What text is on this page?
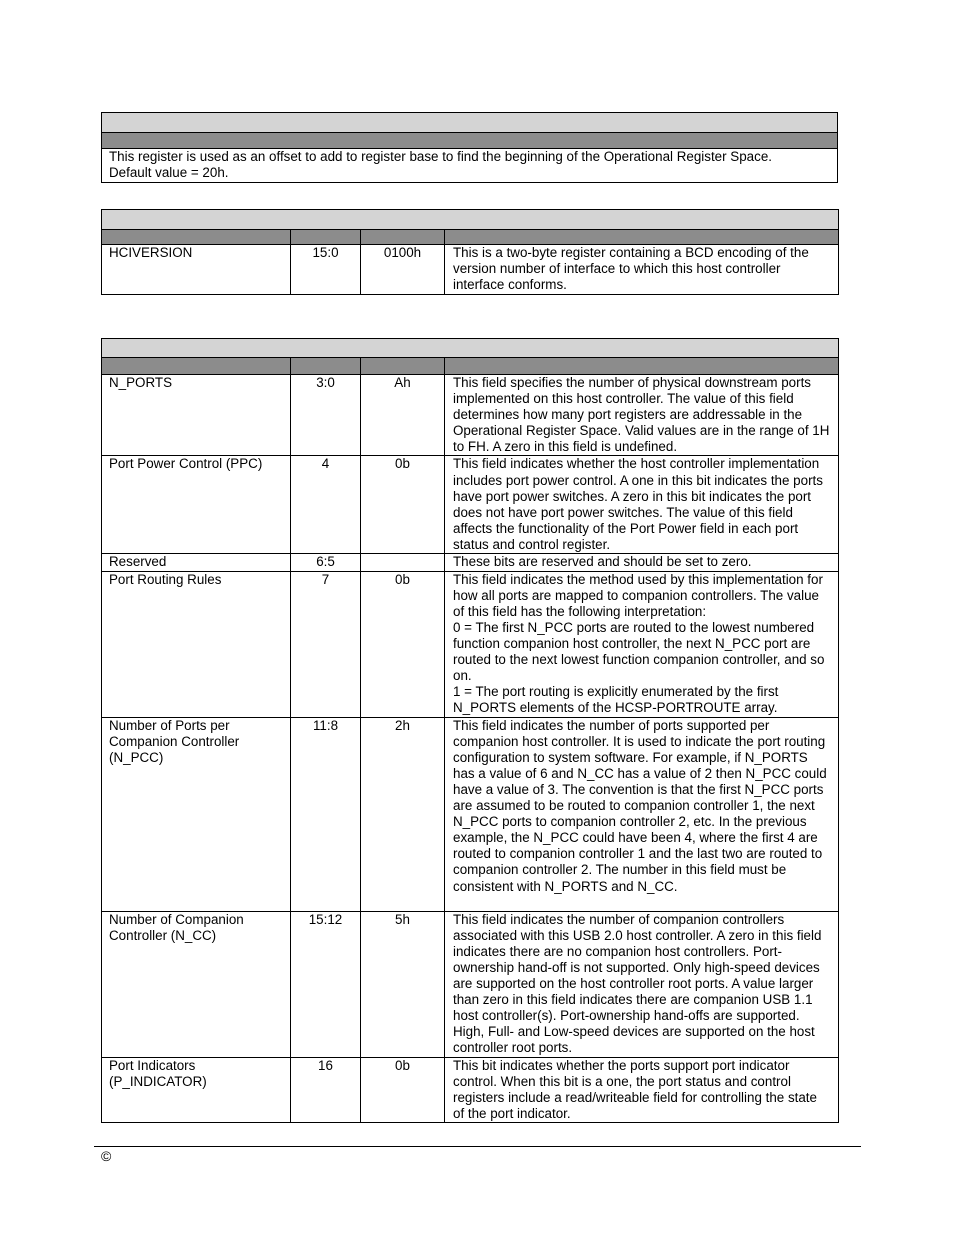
This register is used as an offset to add to register base to find the beginning of the Operational Register Space.
Default value = 20h.

HCIVERSION	15:0	0100h	This is a two-byte register containing a BCD encoding of the version number of interface to which this host controller interface conforms.

N_PORTS	3:0	Ah	This field specifies the number of physical downstream ports implemented on this host controller. The value of this field determines how many port registers are addressable in the Operational Register Space. Valid values are in the range of 1H to FH. A zero in this field is undefined.
Port Power Control (PPC)	4	0b	This field indicates whether the host controller implementation includes port power control. A one in this bit indicates the ports have port power switches. A zero in this bit indicates the port does not have port power switches. The value of this field affects the functionality of the Port Power field in each port status and control register.
Reserved	6:5		These bits are reserved and should be set to zero.
Port Routing Rules	7	0b	This field indicates the method used by this implementation for how all ports are mapped to companion controllers. The value of this field has the following interpretation:
0 = The first N_PCC ports are routed to the lowest numbered function companion host controller, the next N_PCC port are routed to the next lowest function companion controller, and so on.
1 = The port routing is explicitly enumerated by the first N_PORTS elements of the HCSP-PORTROUTE array.
Number of Ports per Companion Controller (N_PCC)	11:8	2h	This field indicates the number of ports supported per companion host controller. It is used to indicate the port routing configuration to system software. For example, if N_PORTS has a value of 6 and N_CC has a value of 2 then N_PCC could have a value of 3. The convention is that the first N_PCC ports are assumed to be routed to companion controller 1, the next N_PCC ports to companion controller 2, etc. In the previous example, the N_PCC could have been 4, where the first 4 are routed to companion controller 1 and the last two are routed to companion controller 2. The number in this field must be consistent with N_PORTS and N_CC.
Number of Companion Controller (N_CC)	15:12	5h	This field indicates the number of companion controllers associated with this USB 2.0 host controller. A zero in this field indicates there are no companion host controllers. Port-ownership hand-off is not supported. Only high-speed devices are supported on the host controller root ports. A value larger than zero in this field indicates there are companion USB 1.1 host controller(s). Port-ownership hand-offs are supported. High, Full- and Low-speed devices are supported on the host controller root ports.
Port Indicators (P_INDICATOR)	16	0b	This bit indicates whether the ports support port indicator control. When this bit is a one, the port status and control registers include a read/writeable field for controlling the state of the port indicator.
©
